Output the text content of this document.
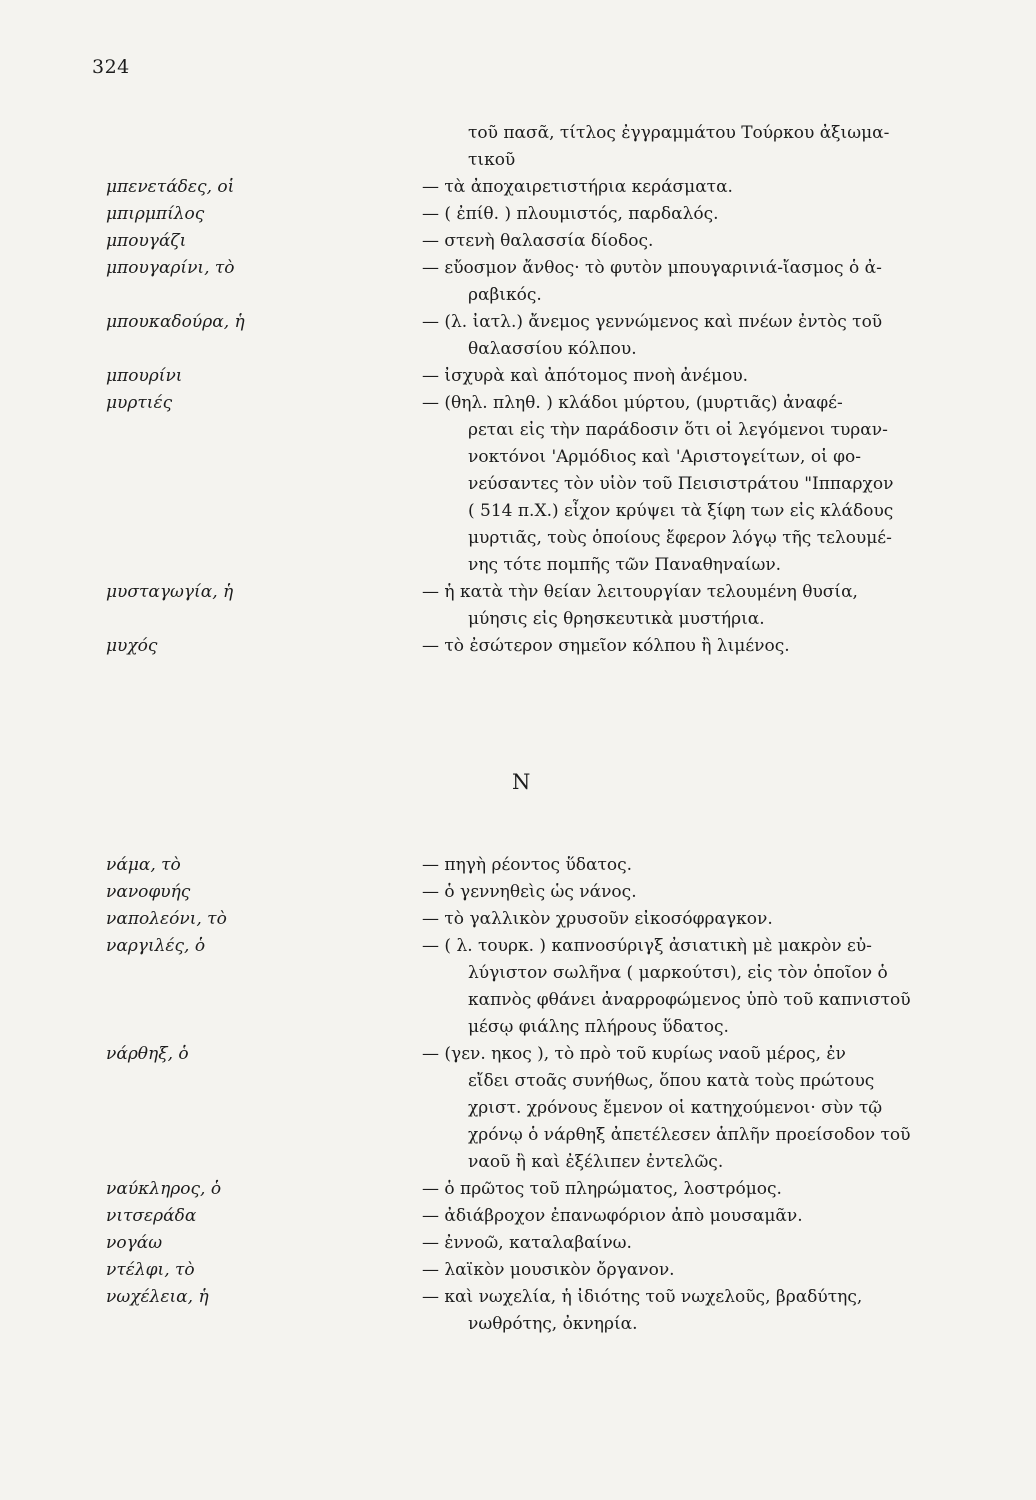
324
τοῦ πασᾶ, τίτλος ἐγγραμμάτου Τούρκου ἀξιωμα-
τικοῦ
μπενετάδες, οἱ	— τὰ ἀποχαιρετιστήρια κεράσματα.
μπιρμπίλος	— ( ἐπίθ. ) πλουμιστός, παρδαλός.
μπουγάζι	— στενὴ θαλασσία δίοδος.
μπουγαρίνι, τὸ	— εὔοσμον ἄνθος· τὸ φυτὸν μπουγαρινιά-ἴασμος ὁ ἀ-
ραβικός.
μπουκαδούρα, ἡ	— (λ. ἰατλ.) ἄνεμος γεννώμενος καὶ πνέων ἐντὸς τοῦ
θαλασσίου κόλπου.
μπουρίνι	— ἰσχυρὰ καὶ ἀπότομος πνοὴ ἀνέμου.
μυρτιές	— (θηλ. πληθ. ) κλάδοι μύρτου, (μυρτιᾶς) ἀναφέ-
ρεται εἰς τὴν παράδοσιν ὅτι οἱ λεγόμενοι τυραν-
νοκτόνοι 'Αρμόδιος καὶ 'Αριστογείτων, οἱ φο-
νεύσαντες τὸν υἱὸν τοῦ Πεισιστράτου "Ιππαρχον
( 514 π.Χ.) εἶχον κρύψει τὰ ξίφη των εἰς κλάδους
μυρτιᾶς, τοὺς ὁποίους ἔφερον λόγῳ τῆς τελουμέ-
νης τότε πομπῆς τῶν Παναθηναίων.
μυσταγωγία, ἡ	— ἡ κατὰ τὴν θείαν λειτουργίαν τελουμένη θυσία,
μύησις εἰς θρησκευτικὰ μυστήρια.
μυχός	— τὸ ἐσώτερον σημεῖον κόλπου ἢ λιμένος.
N
νάμα, τὸ	— πηγὴ ρέοντος ὕδατος.
νανοφυής	— ὁ γεννηθεὶς ὡς νάνος.
ναπολεόνι, τὸ	— τὸ γαλλικὸν χρυσοῦν εἰκοσόφραγκον.
ναργιλές, ὁ	— ( λ. τουρκ. ) καπνοσύριγξ ἀσιατικὴ μὲ μακρὸν εὐ-
λύγιστον σωλῆνα ( μαρκούτσι), εἰς τὸν ὁποῖον ὁ
καπνὸς φθάνει ἀναρροφώμενος ὑπὸ τοῦ καπνιστοῦ
μέσῳ φιάλης πλήρους ὕδατος.
νάρθηξ, ὁ	— (γεν. ηκος ), τὸ πρὸ τοῦ κυρίως ναοῦ μέρος, ἐν
εἴδει στοᾶς συνήθως, ὅπου κατὰ τοὺς πρώτους
χριστ. χρόνους ἔμενον οἱ κατηχούμενοι· σὺν τῷ
χρόνῳ ὁ νάρθηξ ἀπετέλεσεν ἁπλῆν προείσοδον τοῦ
ναοῦ ἢ καὶ ἐξέλιπεν ἐντελῶς.
ναύκληρος, ὁ	— ὁ πρῶτος τοῦ πληρώματος, λοστρόμος.
νιτσεράδα	— ἀδιάβροχον ἐπανωφόριον ἀπὸ μουσαμᾶν.
νογάω	— ἐννοῶ, καταλαβαίνω.
ντέλφι, τὸ	— λαϊκὸν μουσικὸν ὄργανον.
νωχέλεια, ἡ	— καὶ νωχελία, ἡ ἰδιότης τοῦ νωχελοῦς, βραδύτης,
νωθρότης, ὀκνηρία.
